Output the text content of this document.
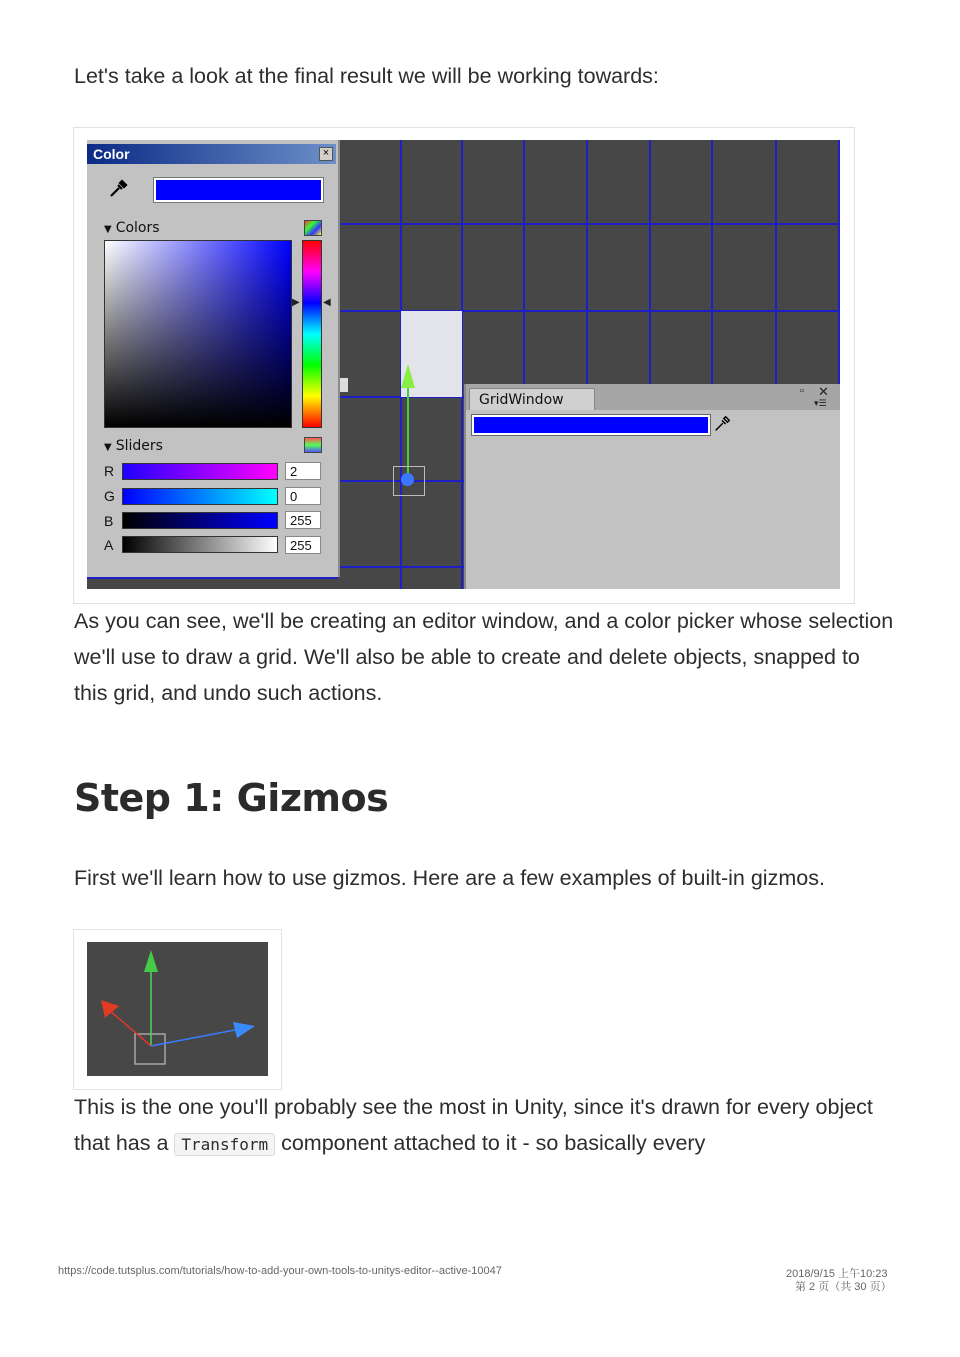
Let's take a look at the final result we will be working towards:

Color	×
▼ Colors
▶ ◀
▼ Sliders
R	2
G	0
B	255
A	255
GridWindow
▫ ✕
▾☰

As you can see, we'll be creating an editor window, and a color picker whose selection we'll use to draw a grid. We'll also be able to create and delete objects, snapped to this grid, and undo such actions.

Step 1: Gizmos

First we'll learn how to use gizmos. Here are a few examples of built-in gizmos.

This is the one you'll probably see the most in Unity, since it's drawn for every object that has a Transform component attached to it - so basically every

https://code.tutsplus.com/tutorials/how-to-add-your-own-tools-to-unitys-editor--active-10047	2018/9/15 上午10:23
第 2 页（共 30 页）
